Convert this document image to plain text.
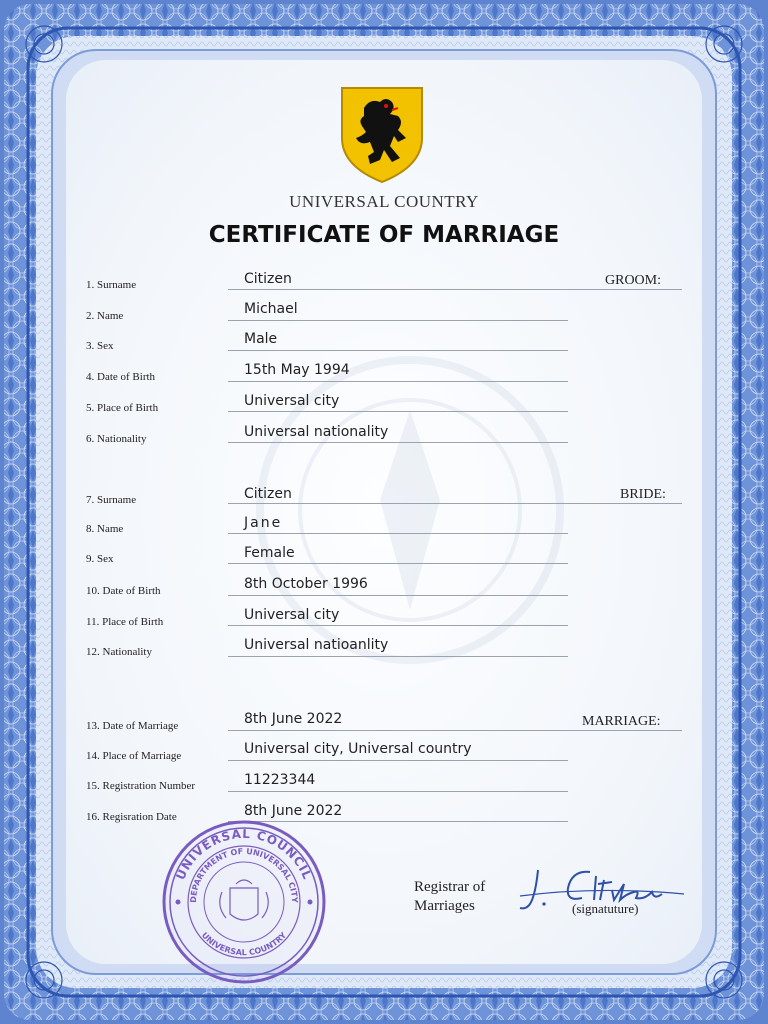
UNIVERSAL COUNTRY
CERTIFICATE OF MARRIAGE
GROOM:
1. Surname	Citizen
2. Name	Michael
3. Sex	Male
4. Date of Birth	15th May 1994
5. Place of Birth	Universal city
6. Nationality	Universal nationality
BRIDE:
7. Surname	Citizen
8. Name	Jane
9. Sex	Female
10. Date of Birth	8th October 1996
11. Place of Birth	Universal city
12. Nationality	Universal natioanlity
MARRIAGE:
13. Date of Marriage	8th June 2022
14. Place of Marriage	Universal city, Universal country
15. Registration Number	11223344
16. Regisration Date	8th June 2022
UNIVERSAL COUNCIL
DEPARTMENT OF UNIVERSAL CITY
UNIVERSAL COUNTRY
Registrar of Marriages	(signatuture)
